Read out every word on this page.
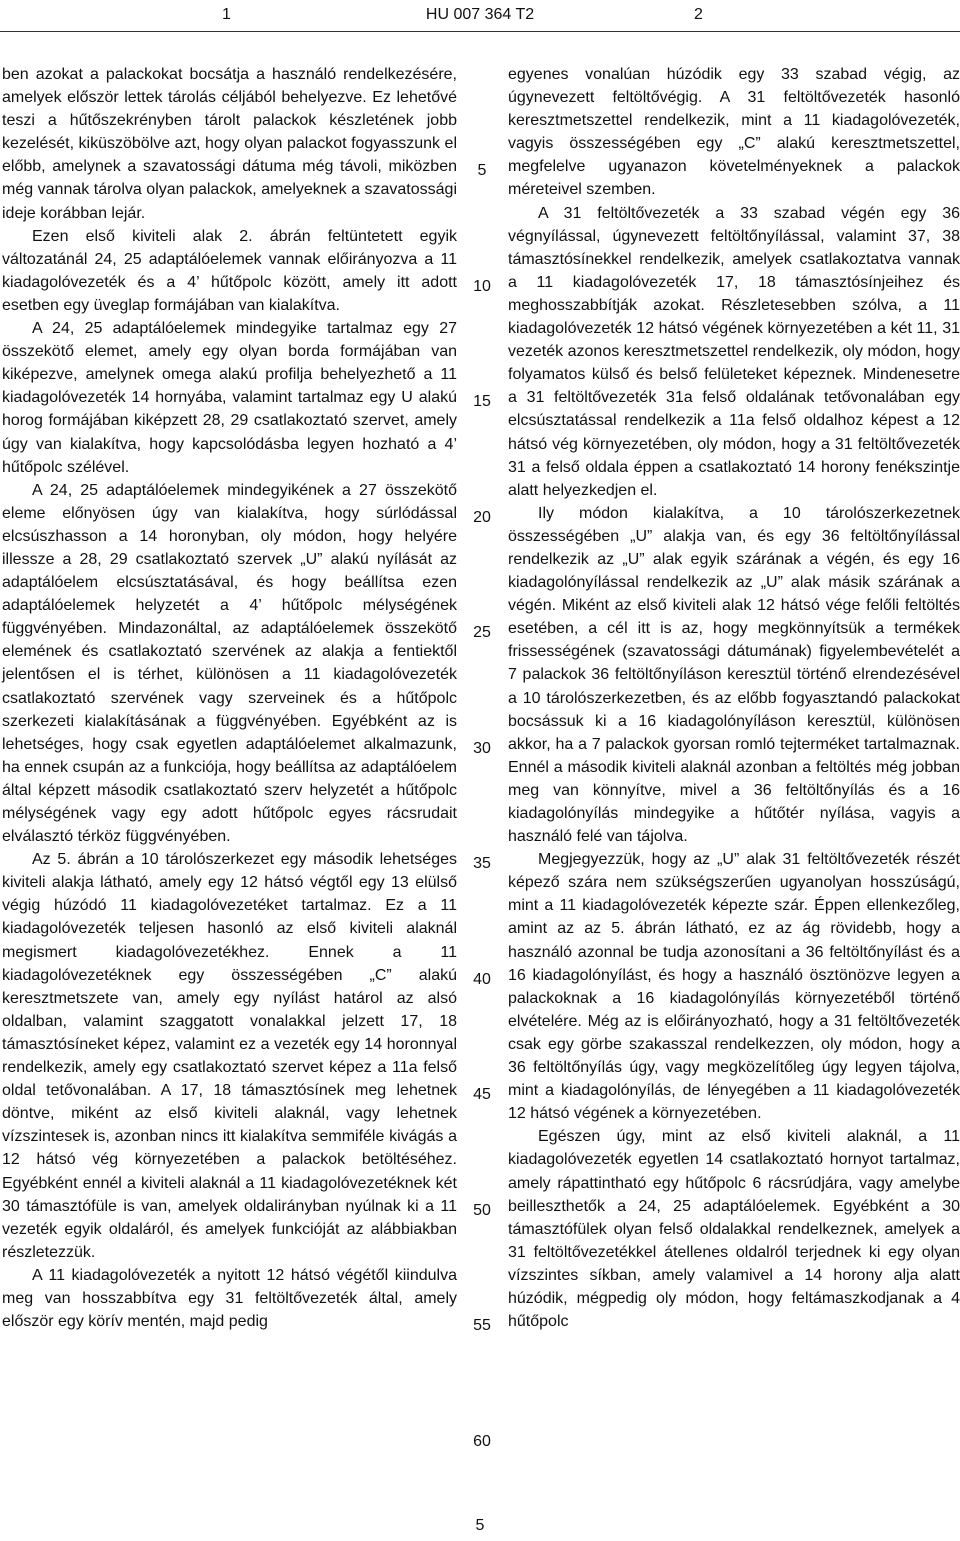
1	HU 007 364 T2	2

ben azokat a palackokat bocsátja a használó rendelkezésére, amelyek először lettek tárolás céljából behelyezve. Ez lehetővé teszi a hűtőszekrényben tárolt palackok készletének jobb kezelését, kiküszöbölve azt, hogy olyan palackot fogyasszunk el előbb, amelynek a szavatossági dátuma még távoli, miközben még vannak tárolva olyan palackok, amelyeknek a szavatossági ideje korábban lejár.

Ezen első kiviteli alak 2. ábrán feltüntetett egyik változatánál 24, 25 adaptálóelemek vannak előirányozva a 11 kiadagolóvezeték és a 4’ hűtőpolc között, amely itt adott esetben egy üveglap formájában van kialakítva.

A 24, 25 adaptálóelemek mindegyike tartalmaz egy 27 összekötő elemet, amely egy olyan borda formájában van kiképezve, amelynek omega alakú profilja behelyezhető a 11 kiadagolóvezeték 14 hornyába, valamint tartalmaz egy U alakú horog formájában kiképzett 28, 29 csatlakoztató szervet, amely úgy van kialakítva, hogy kapcsolódásba legyen hozható a 4’ hűtőpolc szélével.

A 24, 25 adaptálóelemek mindegyikének a 27 összekötő eleme előnyösen úgy van kialakítva, hogy súrlódással elcsúszhasson a 14 horonyban, oly módon, hogy helyére illessze a 28, 29 csatlakoztató szervek „U” alakú nyílását az adaptálóelem elcsúsztatásával, és hogy beállítsa ezen adaptálóelemek helyzetét a 4’ hűtőpolc mélységének függvényében. Mindazonáltal, az adaptálóelemek összekötő elemének és csatlakoztató szervének az alakja a fentiektől jelentősen el is térhet, különösen a 11 kiadagolóvezeték csatlakoztató szervének vagy szerveinek és a hűtőpolc szerkezeti kialakításának a függvényében. Egyébként az is lehetséges, hogy csak egyetlen adaptálóelemet alkalmazunk, ha ennek csupán az a funkciója, hogy beállítsa az adaptálóelem által képzett második csatlakoztató szerv helyzetét a hűtőpolc mélységének vagy egy adott hűtőpolc egyes rácsrudait elválasztó térköz függvényében.

Az 5. ábrán a 10 tárolószerkezet egy második lehetséges kiviteli alakja látható, amely egy 12 hátsó végtől egy 13 elülső végig húzódó 11 kiadagolóvezetéket tartalmaz. Ez a 11 kiadagolóvezeték teljesen hasonló az első kiviteli alaknál megismert kiadagolóvezetékhez. Ennek a 11 kiadagolóvezetéknek egy összességében „C” alakú keresztmetszete van, amely egy nyílást határol az alsó oldalban, valamint szaggatott vonalakkal jelzett 17, 18 támasztósíneket képez, valamint ez a vezeték egy 14 horonnyal rendelkezik, amely egy csatlakoztató szervet képez a 11a felső oldal tetővonalában. A 17, 18 támasztósínek meg lehetnek döntve, miként az első kiviteli alaknál, vagy lehetnek vízszintesek is, azonban nincs itt kialakítva semmiféle kivágás a 12 hátsó vég környezetében a palackok betöltéséhez. Egyébként ennél a kiviteli alaknál a 11 kiadagolóvezetéknek két 30 támasztófüle is van, amelyek oldalirányban nyúlnak ki a 11 vezeték egyik oldaláról, és amelyek funkcióját az alábbiakban részletezzük.

A 11 kiadagolóvezeték a nyitott 12 hátsó végétől kiindulva meg van hosszabbítva egy 31 feltöltővezeték által, amely először egy körív mentén, majd pedig

5
10
15
20
25
30
35
40
45
50
55
60

egyenes vonalúan húzódik egy 33 szabad végig, az úgynevezett feltöltővégig. A 31 feltöltővezeték hasonló keresztmetszettel rendelkezik, mint a 11 kiadagolóvezeték, vagyis összességében egy „C” alakú keresztmetszettel, megfelelve ugyanazon követelményeknek a palackok méreteivel szemben.

A 31 feltöltővezeték a 33 szabad végén egy 36 végnyílással, úgynevezett feltöltőnyílással, valamint 37, 38 támasztósínekkel rendelkezik, amelyek csatlakoztatva vannak a 11 kiadagolóvezeték 17, 18 támasztósínjeihez és meghosszabbítják azokat. Részletesebben szólva, a 11 kiadagolóvezeték 12 hátsó végének környezetében a két 11, 31 vezeték azonos keresztmetszettel rendelkezik, oly módon, hogy folyamatos külső és belső felületeket képeznek. Mindenesetre a 31 feltöltővezeték 31a felső oldalának tetővonalában egy elcsúsztatással rendelkezik a 11a felső oldalhoz képest a 12 hátsó vég környezetében, oly módon, hogy a 31 feltöltővezeték 31 a felső oldala éppen a csatlakoztató 14 horony fenékszintje alatt helyezkedjen el.

Ily módon kialakítva, a 10 tárolószerkezetnek összességében „U” alakja van, és egy 36 feltöltőnyílással rendelkezik az „U” alak egyik szárának a végén, és egy 16 kiadagolónyílással rendelkezik az „U” alak másik szárának a végén. Miként az első kiviteli alak 12 hátsó vége felőli feltöltés esetében, a cél itt is az, hogy megkönnyítsük a termékek frissességének (szavatossági dátumának) figyelembevételét a 7 palackok 36 feltöltőnyíláson keresztül történő elrendezésével a 10 tárolószerkezetben, és az előbb fogyasztandó palackokat bocsássuk ki a 16 kiadagolónyíláson keresztül, különösen akkor, ha a 7 palackok gyorsan romló tejterméket tartalmaznak. Ennél a második kiviteli alaknál azonban a feltöltés még jobban meg van könnyítve, mivel a 36 feltöltőnyílás és a 16 kiadagolónyílás mindegyike a hűtőtér nyílása, vagyis a használó felé van tájolva.

Megjegyezzük, hogy az „U” alak 31 feltöltővezeték részét képező szára nem szükségszerűen ugyanolyan hosszúságú, mint a 11 kiadagolóvezeték képezte szár. Éppen ellenkezőleg, amint az az 5. ábrán látható, ez az ág rövidebb, hogy a használó azonnal be tudja azonosítani a 36 feltöltőnyílást és a 16 kiadagolónyílást, és hogy a használó ösztönözve legyen a palackoknak a 16 kiadagolónyílás környezetéből történő elvételére. Még az is előirányozható, hogy a 31 feltöltővezeték csak egy görbe szakasszal rendelkezzen, oly módon, hogy a 36 feltöltőnyílás úgy, vagy megközelítőleg úgy legyen tájolva, mint a kiadagolónyílás, de lényegében a 11 kiadagolóvezeték 12 hátsó végének a környezetében.

Egészen úgy, mint az első kiviteli alaknál, a 11 kiadagolóvezeték egyetlen 14 csatlakoztató hornyot tartalmaz, amely rápattintható egy hűtőpolc 6 rácsrúdjára, vagy amelybe beilleszthetők a 24, 25 adaptálóelemek. Egyébként a 30 támasztófülek olyan felső oldalakkal rendelkeznek, amelyek a 31 feltöltővezetékkel átellenes oldalról terjednek ki egy olyan vízszintes síkban, amely valamivel a 14 horony alja alatt húzódik, mégpedig oly módon, hogy feltámaszkodjanak a 4 hűtőpolc

5
